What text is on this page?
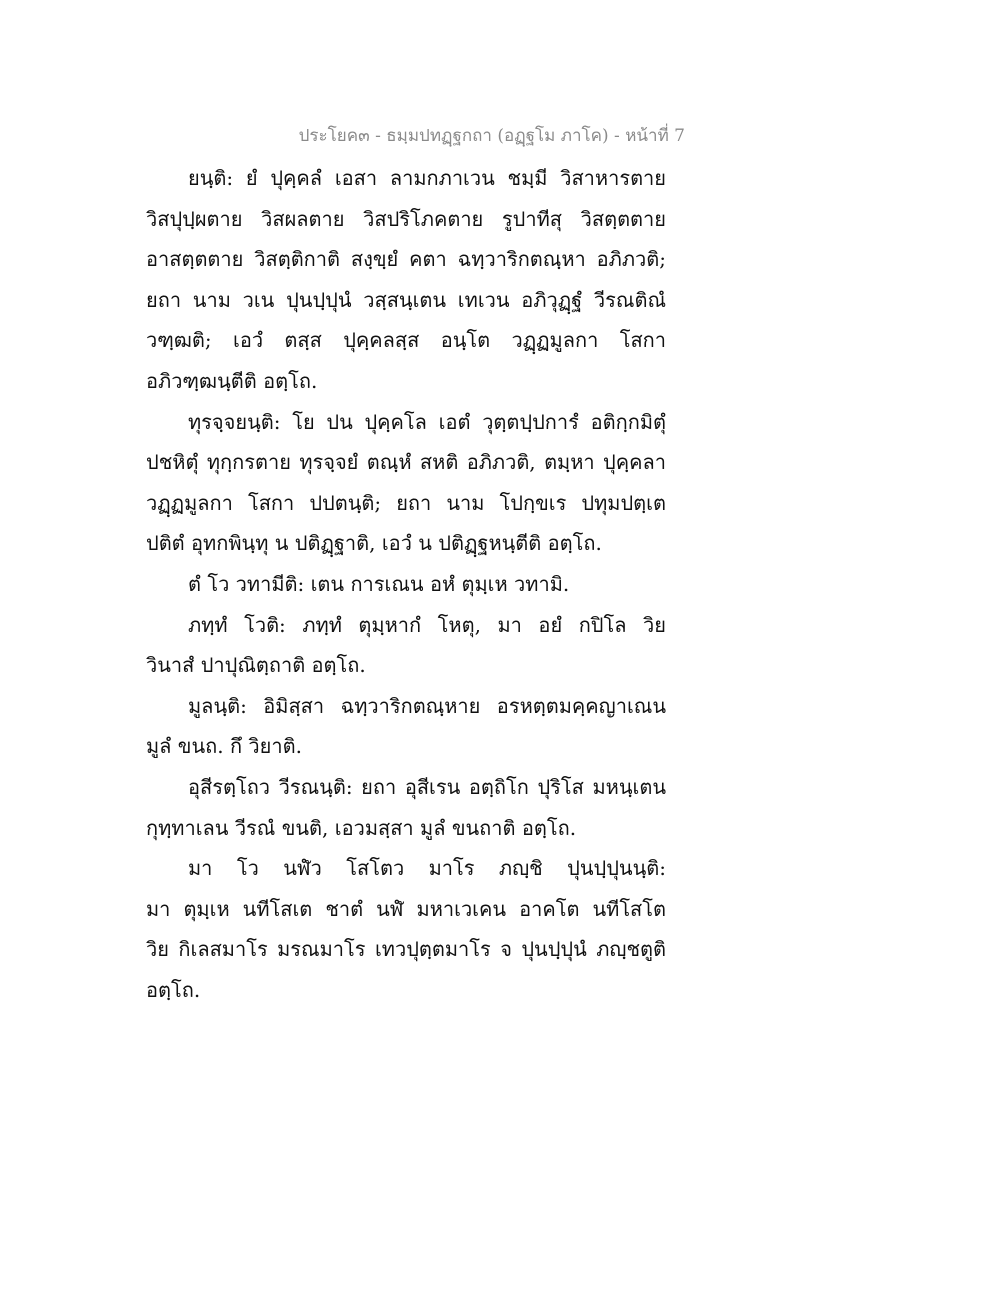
ประโยค๓ - ธมฺมปทฏฺฐกถา (อฏฺฐโม ภาโค) - หน้าที่ 7
ยนฺติ: ยํ ปุคฺคลํ เอสา ลามกภาเวน ชมฺมี วิสาหารตาย
วิสปุปฺผตาย วิสผลตาย วิสปริโภคตาย รูปาทีสุ วิสตฺตตาย
อาสตฺตตาย วิสตฺติกาติ สงฺขฺยํ คตา ฉทฺวาริกตณฺหา อภิภวติ;
ยถา นาม วเน ปุนปฺปุนํ วสฺสนฺเตน เทเวน อภิวุฏฺฐํ วีรณติณํ
วฑฺฒติ; เอวํ ตสฺส ปุคฺคลสฺส อนฺโต วฏฺฏมูลกา โสกา
อภิวฑฺฒนฺตีติ อตฺโถ.
ทุรจฺจยนฺติ: โย ปน ปุคฺคโล เอตํ วุตฺตปฺปการํ อติกฺกมิตุํ
ปชหิตุํ ทุกฺกรตาย ทุรจฺจยํ ตณฺหํ สหติ อภิภวติ, ตมฺหา ปุคฺคลา
วฏฺฏมูลกา โสกา ปปตนฺติ; ยถา นาม โปกฺขเร ปทุมปตฺเต
ปติตํ อุทกพินฺทุ น ปติฏฺฐาติ, เอวํ น ปติฏฺฐหนฺตีติ อตฺโถ.
ตํ โว วทามีติ: เตน การเณน อหํ ตุมฺเห วทามิ.
ภทฺทํ โวติ: ภทฺทํ ตุมฺหากํ โหตุ, มา อยํ กปิโล วิย
วินาสํ ปาปุณิตฺถาติ อตฺโถ.
มูลนฺติ: อิมิสฺสา ฉทฺวาริกตณฺหาย อรหตฺตมคฺคญาเณน
มูลํ ขนถ. กึ วิยาติ.
อุสีรตฺโถว วีรณนฺติ: ยถา อุสีเรน อตฺถิโก ปุริโส มหนฺเตน
กุทฺทาเลน วีรณํ ขนติ, เอวมสฺสา มูลํ ขนถาติ อตฺโถ.
มา โว นฬํว โสโตว มาโร ภญฺชิ ปุนปฺปุนนฺติ:
มา ตุมฺเห นทีโสเต ชาตํ นฬํ มหาเวเคน อาคโต นทีโสโต
วิย กิเลสมาโร มรณมาโร เทวปุตฺตมาโร จ ปุนปฺปุนํ ภญฺชตูติ
อตฺโถ.
